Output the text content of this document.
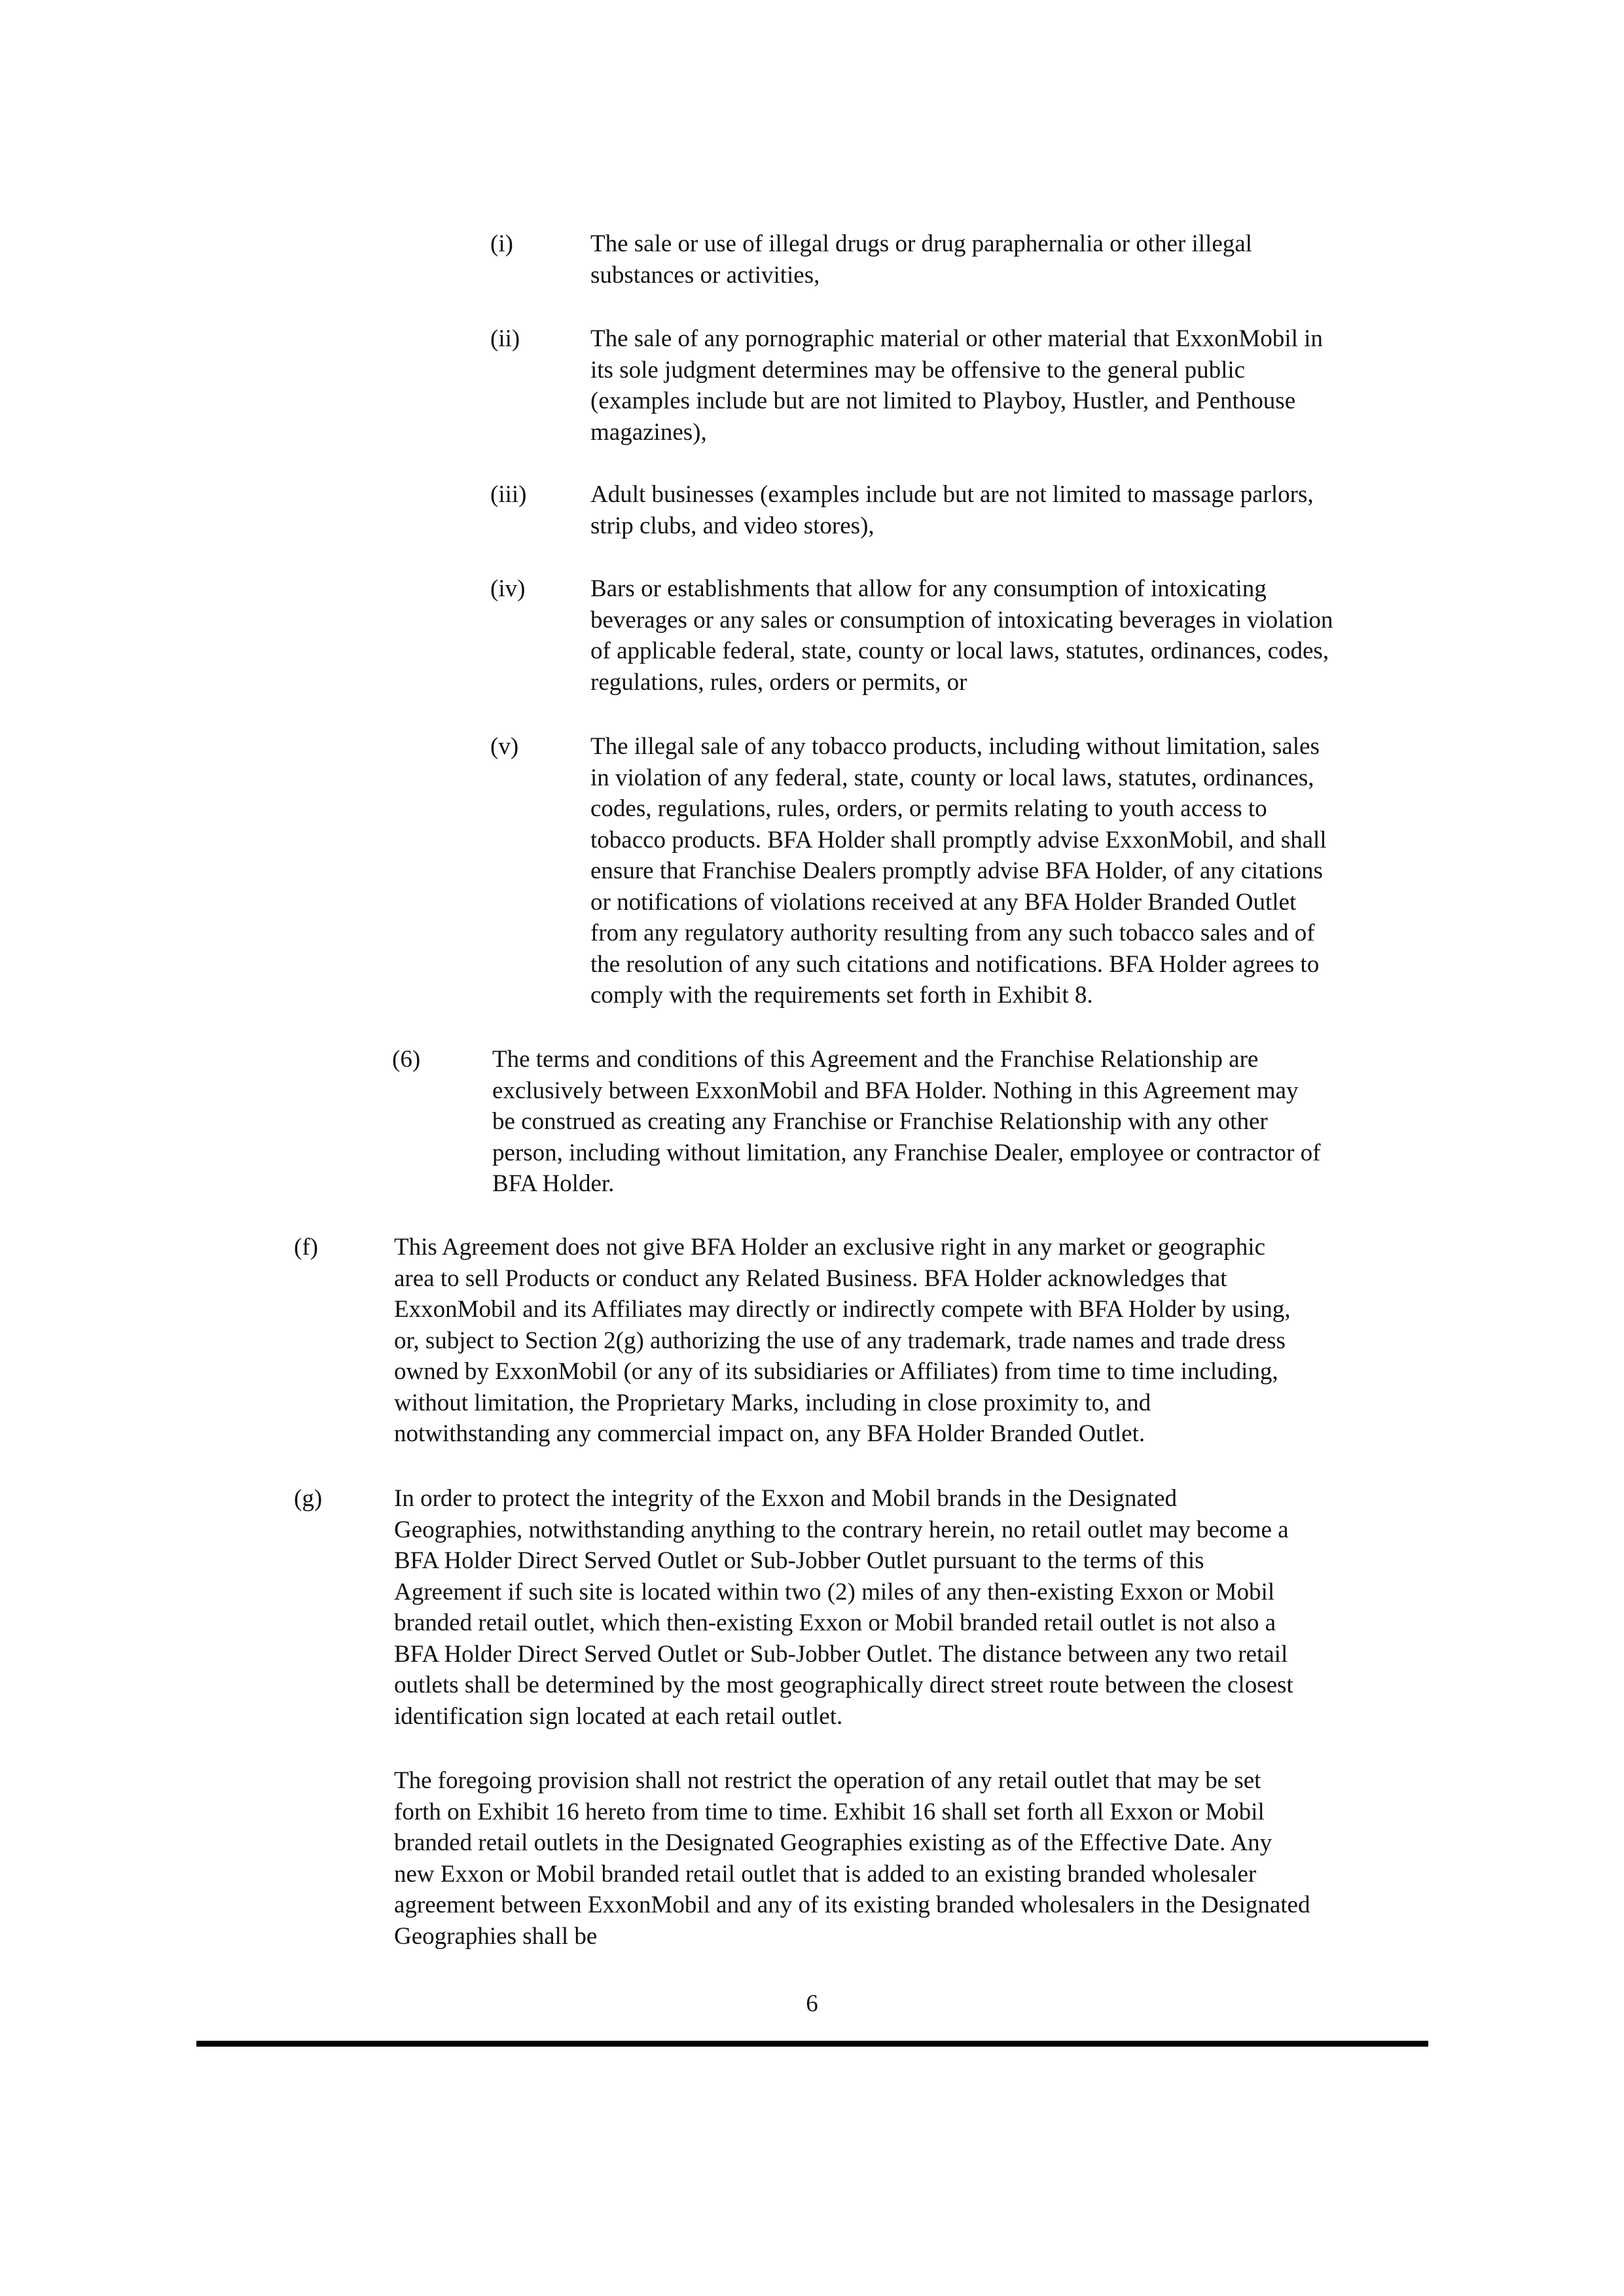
(i)	The sale or use of illegal drugs or drug paraphernalia or other illegal
substances or activities,
(ii)	The sale of any pornographic material or other material that ExxonMobil in
its sole judgment determines may be offensive to the general public
(examples include but are not limited to Playboy, Hustler, and Penthouse
magazines),
(iii)	Adult businesses (examples include but are not limited to massage parlors,
strip clubs, and video stores),
(iv)	Bars or establishments that allow for any consumption of intoxicating
beverages or any sales or consumption of intoxicating beverages in violation
of applicable federal, state, county or local laws, statutes, ordinances, codes,
regulations, rules, orders or permits, or
(v)	The illegal sale of any tobacco products, including without limitation, sales
in violation of any federal, state, county or local laws, statutes, ordinances,
codes, regulations, rules, orders, or permits relating to youth access to
tobacco products. BFA Holder shall promptly advise ExxonMobil, and shall
ensure that Franchise Dealers promptly advise BFA Holder, of any citations
or notifications of violations received at any BFA Holder Branded Outlet
from any regulatory authority resulting from any such tobacco sales and of
the resolution of any such citations and notifications. BFA Holder agrees to
comply with the requirements set forth in Exhibit 8.
(6)	The terms and conditions of this Agreement and the Franchise Relationship are
exclusively between ExxonMobil and BFA Holder. Nothing in this Agreement may
be construed as creating any Franchise or Franchise Relationship with any other
person, including without limitation, any Franchise Dealer, employee or contractor of
BFA Holder.
(f)	This Agreement does not give BFA Holder an exclusive right in any market or geographic
area to sell Products or conduct any Related Business. BFA Holder acknowledges that
ExxonMobil and its Affiliates may directly or indirectly compete with BFA Holder by using,
or, subject to Section 2(g) authorizing the use of any trademark, trade names and trade dress
owned by ExxonMobil (or any of its subsidiaries or Affiliates) from time to time including,
without limitation, the Proprietary Marks, including in close proximity to, and
notwithstanding any commercial impact on, any BFA Holder Branded Outlet.
(g)	In order to protect the integrity of the Exxon and Mobil brands in the Designated
Geographies, notwithstanding anything to the contrary herein, no retail outlet may become a
BFA Holder Direct Served Outlet or Sub-Jobber Outlet pursuant to the terms of this
Agreement if such site is located within two (2) miles of any then-existing Exxon or Mobil
branded retail outlet, which then-existing Exxon or Mobil branded retail outlet is not also a
BFA Holder Direct Served Outlet or Sub-Jobber Outlet. The distance between any two retail
outlets shall be determined by the most geographically direct street route between the closest
identification sign located at each retail outlet.
The foregoing provision shall not restrict the operation of any retail outlet that may be set
forth on Exhibit 16 hereto from time to time. Exhibit 16 shall set forth all Exxon or Mobil
branded retail outlets in the Designated Geographies existing as of the Effective Date. Any
new Exxon or Mobil branded retail outlet that is added to an existing branded wholesaler
agreement between ExxonMobil and any of its existing branded wholesalers in the Designated
Geographies shall be
6
